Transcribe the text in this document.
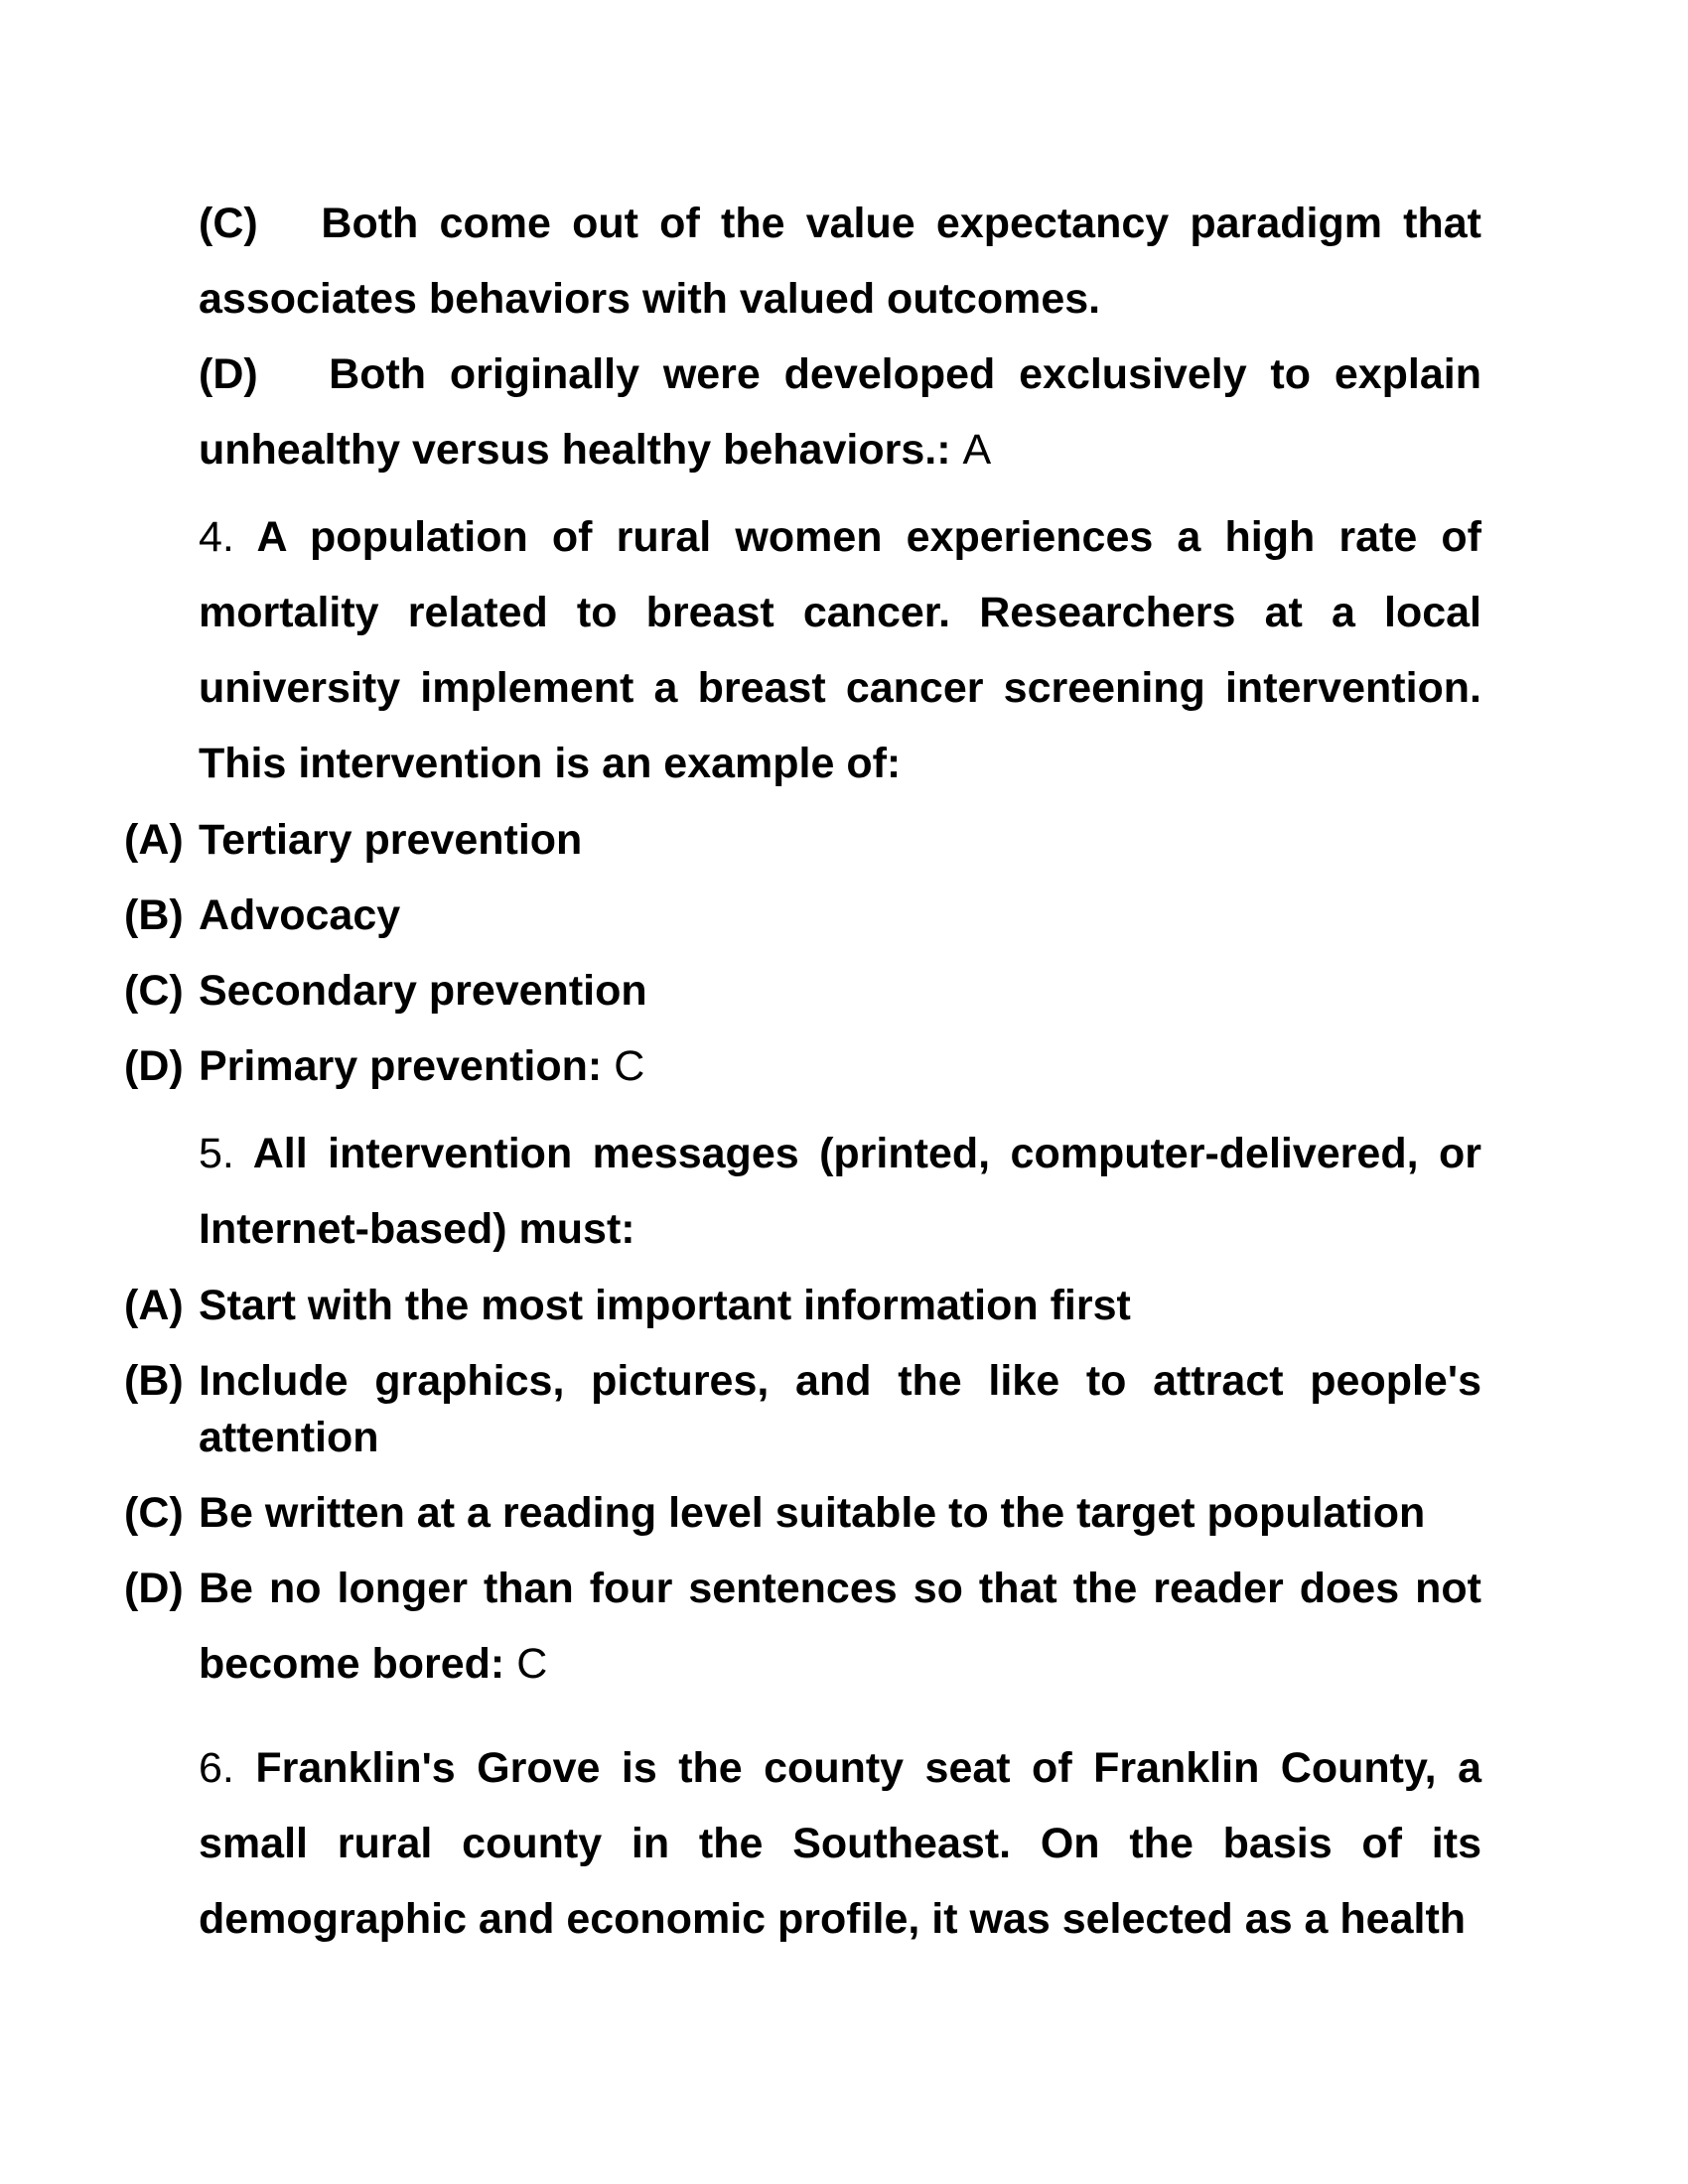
(C) Both come out of the value expectancy paradigm that associates behaviors with valued outcomes.

(D) Both originally were developed exclusively to explain unhealthy versus healthy behaviors.: A

4. A population of rural women experiences a high rate of mortality related to breast cancer. Researchers at a local university implement a breast cancer screening intervention. This intervention is an example of:

(A) Tertiary prevention

(B) Advocacy

(C) Secondary prevention

(D) Primary prevention: C

5. All intervention messages (printed, computer-delivered, or Internet-based) must:

(A) Start with the most important information first

(B) Include graphics, pictures, and the like to attract people's attention

(C) Be written at a reading level suitable to the target population

(D) Be no longer than four sentences so that the reader does not become bored: C

6. Franklin's Grove is the county seat of Franklin County, a small rural county in the Southeast. On the basis of its demographic and economic profile, it was selected as a health
